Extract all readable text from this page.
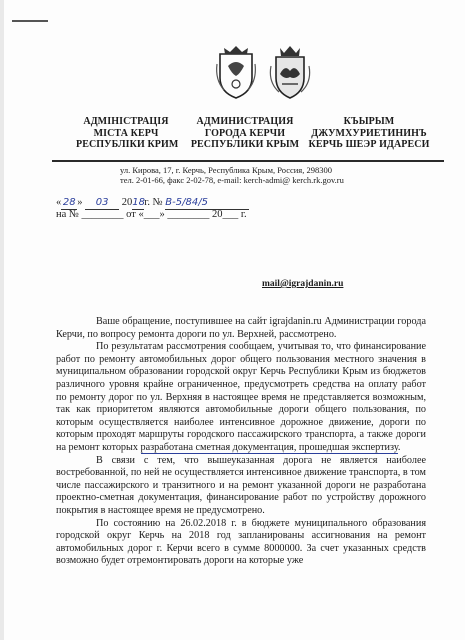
АДМІНІСТРАЦІЯ
МІСТА КЕРЧ
РЕСПУБЛІКИ КРИМ
АДМИНИСТРАЦИЯ
ГОРОДА КЕРЧИ
РЕСПУБЛИКИ КРЫМ
КЪЫРЫМ
ДЖУМХУРИЕТИНИНЪ
КЕРЧЬ ШЕЭР ИДАРЕСИ
ул. Кирова, 17, г. Керчь, Республика Крым, Россия, 298300
тел. 2-01-66, факс 2-02-78, e-mail: kerch-admi@ kerch.rk.gov.ru
« 28 » 03 2018г. № В-5/84/5
на № ________ от «___» ________ 20___ г.
mail@igrajdanin.ru

Ваше обращение, поступившее на сайт igrajdanin.ru Администрации города Керчи, по вопросу ремонта дороги по ул. Верхней, рассмотрено.

По результатам рассмотрения сообщаем, учитывая то, что финансирование работ по ремонту автомобильных дорог общего пользования местного значения в муниципальном образовании городской округ Керчь Республики Крым из бюджетов различного уровня крайне ограниченное, предусмотреть средства на оплату работ по ремонту дорог по ул. Верхняя в настоящее время не представляется возможным, так как приоритетом являются автомобильные дороги общего пользования, по которым осуществляется наиболее интенсивное дорожное движение, дороги по которым проходят маршруты городского пассажирского транспорта, а также дороги на ремонт которых разработана сметная документация, прошедшая экспертизу.

В связи с тем, что вышеуказанная дорога не является наиболее востребованной, по ней не осуществляется интенсивное движение транспорта, в том числе пассажирского и транзитного и на ремонт указанной дороги не разработана проектно-сметная документация, финансирование работ по устройству дорожного покрытия в настоящее время не предусмотрено.

По состоянию на 26.02.2018 г. в бюджете муниципального образования городской округ Керчь на 2018 год запланированы ассигнования на ремонт автомобильных дорог г. Керчи всего в сумме 8000000. За счет указанных средств возможно будет отремонтировать дороги на которые уже
